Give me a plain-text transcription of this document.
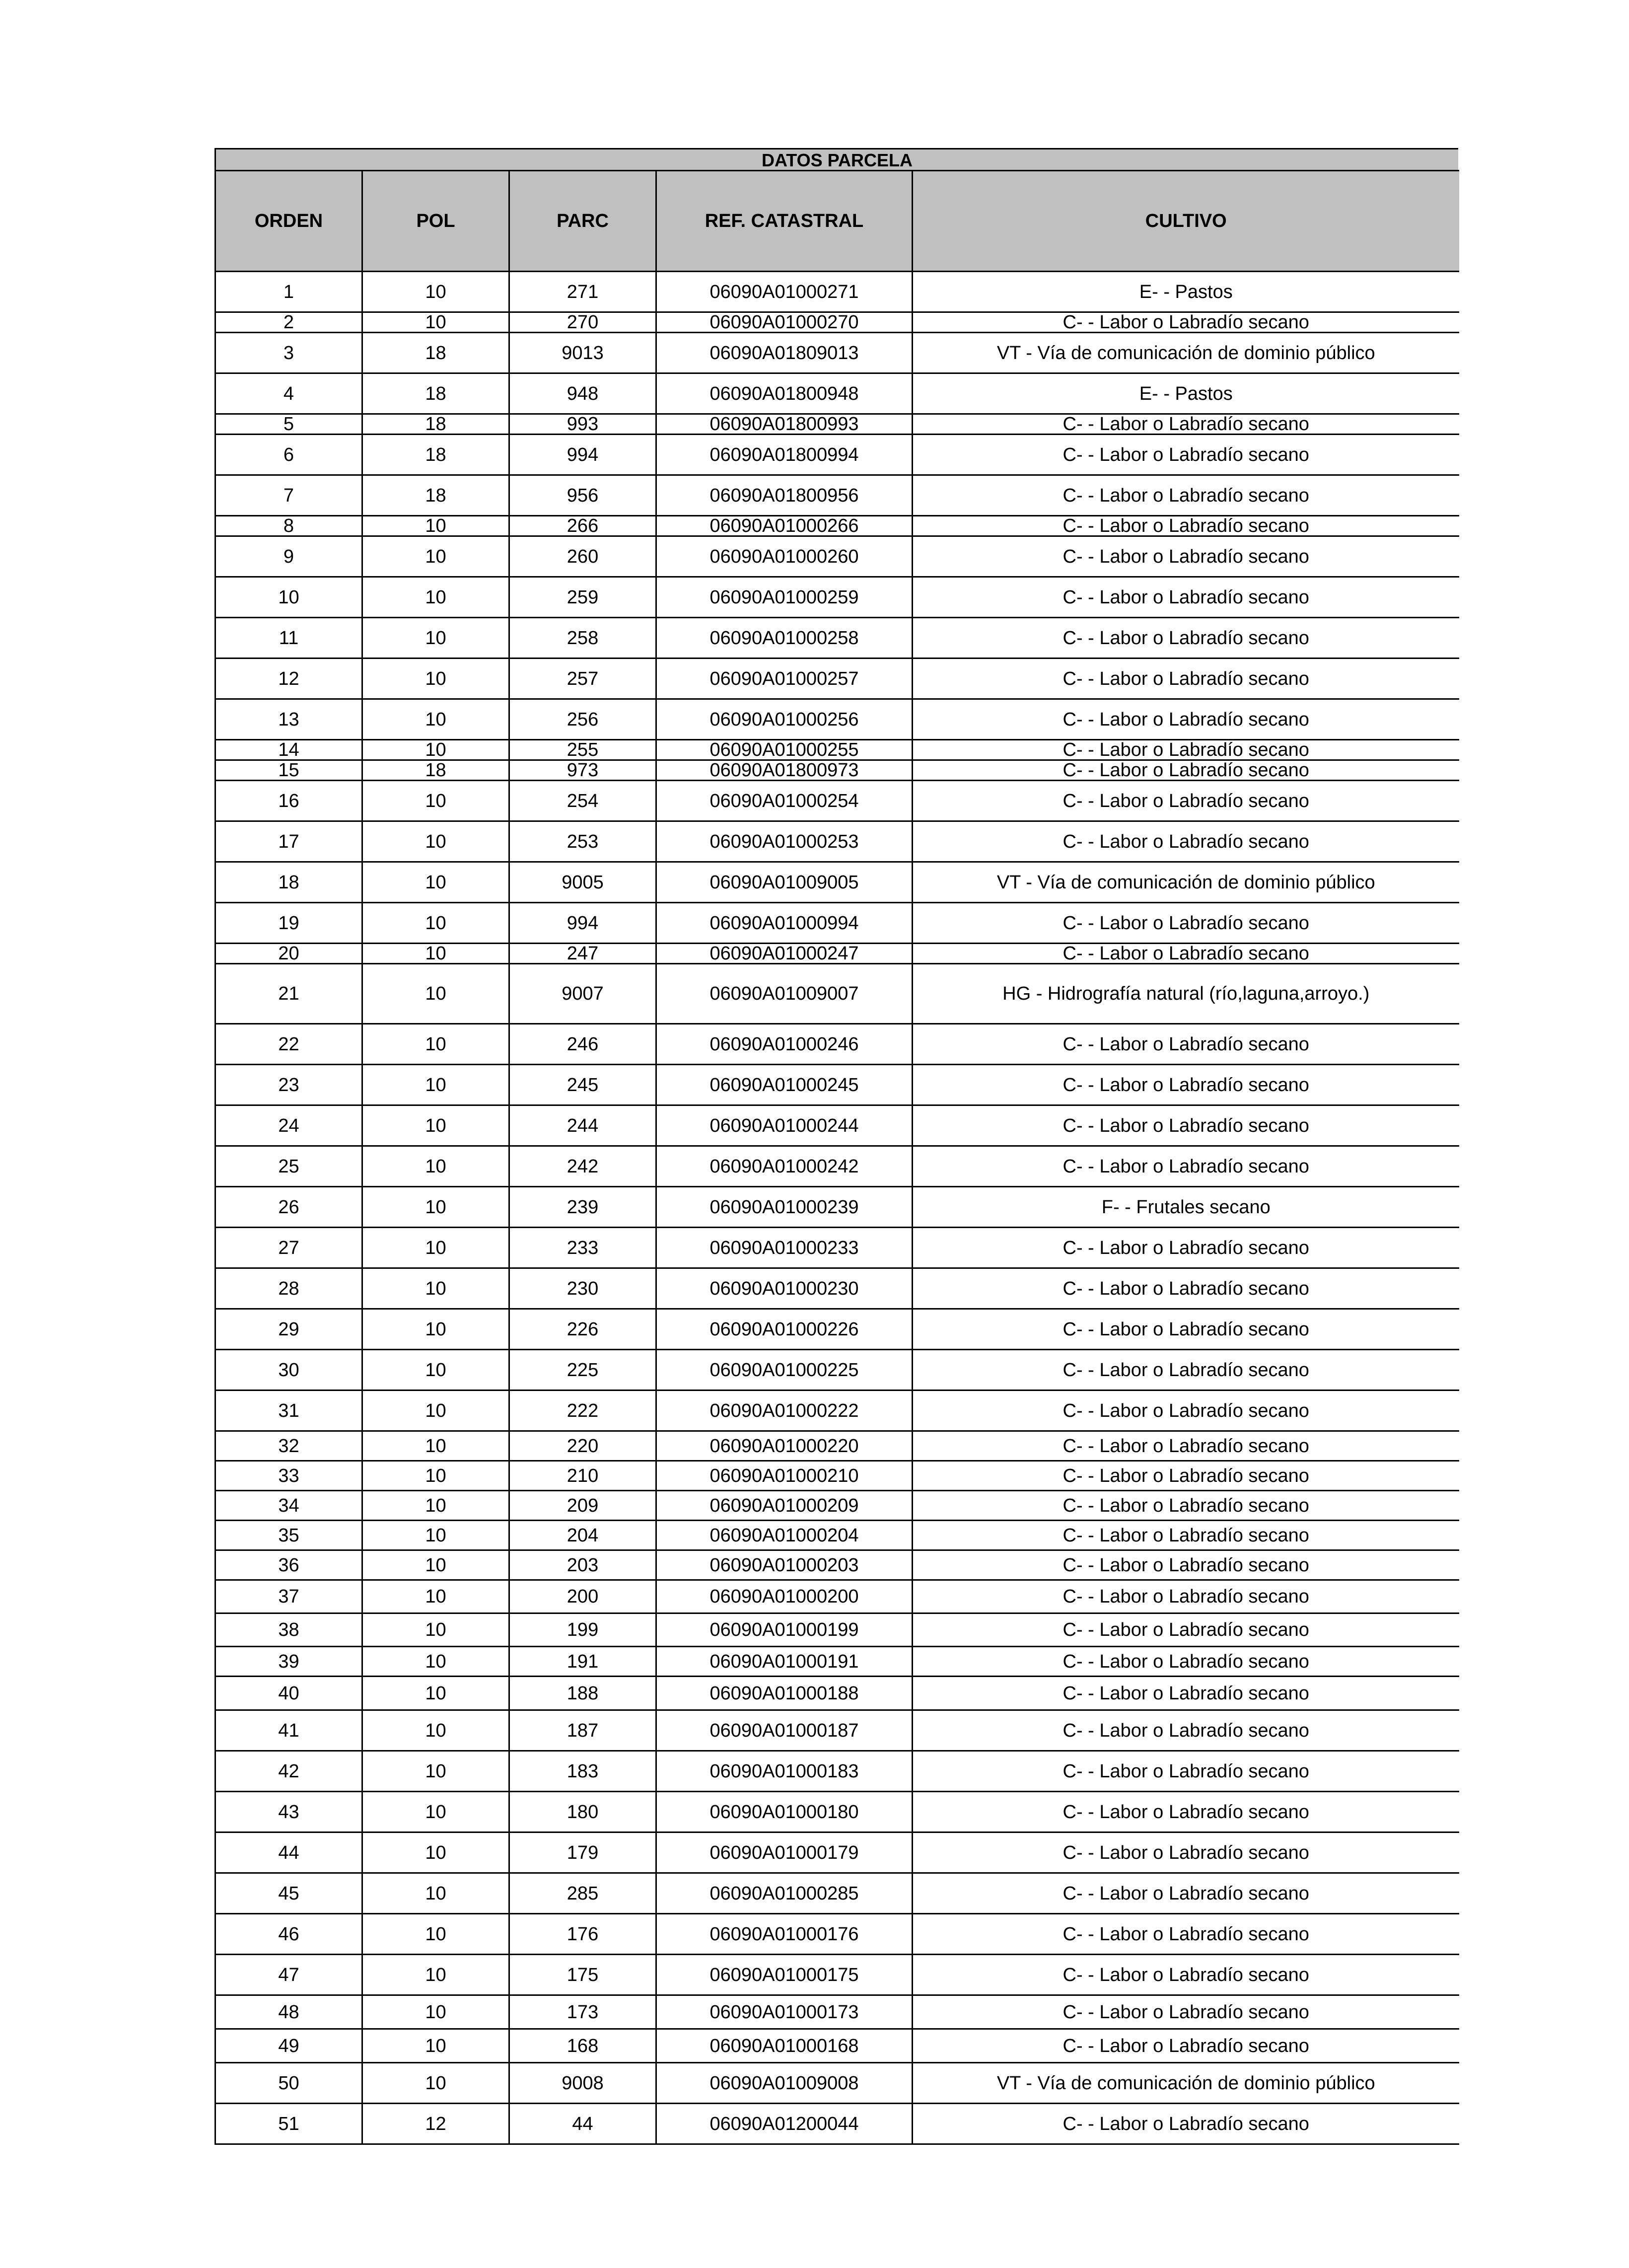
DATOS PARCELA
ORDEN	POL	PARC	REF. CATASTRAL	CULTIVO
1	10	271	06090A01000271	E- - Pastos
2	10	270	06090A01000270	C- - Labor o Labradío secano
3	18	9013	06090A01809013	VT - Vía de comunicación de dominio público
4	18	948	06090A01800948	E- - Pastos
5	18	993	06090A01800993	C- - Labor o Labradío secano
6	18	994	06090A01800994	C- - Labor o Labradío secano
7	18	956	06090A01800956	C- - Labor o Labradío secano
8	10	266	06090A01000266	C- - Labor o Labradío secano
9	10	260	06090A01000260	C- - Labor o Labradío secano
10	10	259	06090A01000259	C- - Labor o Labradío secano
11	10	258	06090A01000258	C- - Labor o Labradío secano
12	10	257	06090A01000257	C- - Labor o Labradío secano
13	10	256	06090A01000256	C- - Labor o Labradío secano
14	10	255	06090A01000255	C- - Labor o Labradío secano
15	18	973	06090A01800973	C- - Labor o Labradío secano
16	10	254	06090A01000254	C- - Labor o Labradío secano
17	10	253	06090A01000253	C- - Labor o Labradío secano
18	10	9005	06090A01009005	VT - Vía de comunicación de dominio público
19	10	994	06090A01000994	C- - Labor o Labradío secano
20	10	247	06090A01000247	C- - Labor o Labradío secano
21	10	9007	06090A01009007	HG - Hidrografía natural (río,laguna,arroyo.)
22	10	246	06090A01000246	C- - Labor o Labradío secano
23	10	245	06090A01000245	C- - Labor o Labradío secano
24	10	244	06090A01000244	C- - Labor o Labradío secano
25	10	242	06090A01000242	C- - Labor o Labradío secano
26	10	239	06090A01000239	F- - Frutales secano
27	10	233	06090A01000233	C- - Labor o Labradío secano
28	10	230	06090A01000230	C- - Labor o Labradío secano
29	10	226	06090A01000226	C- - Labor o Labradío secano
30	10	225	06090A01000225	C- - Labor o Labradío secano
31	10	222	06090A01000222	C- - Labor o Labradío secano
32	10	220	06090A01000220	C- - Labor o Labradío secano
33	10	210	06090A01000210	C- - Labor o Labradío secano
34	10	209	06090A01000209	C- - Labor o Labradío secano
35	10	204	06090A01000204	C- - Labor o Labradío secano
36	10	203	06090A01000203	C- - Labor o Labradío secano
37	10	200	06090A01000200	C- - Labor o Labradío secano
38	10	199	06090A01000199	C- - Labor o Labradío secano
39	10	191	06090A01000191	C- - Labor o Labradío secano
40	10	188	06090A01000188	C- - Labor o Labradío secano
41	10	187	06090A01000187	C- - Labor o Labradío secano
42	10	183	06090A01000183	C- - Labor o Labradío secano
43	10	180	06090A01000180	C- - Labor o Labradío secano
44	10	179	06090A01000179	C- - Labor o Labradío secano
45	10	285	06090A01000285	C- - Labor o Labradío secano
46	10	176	06090A01000176	C- - Labor o Labradío secano
47	10	175	06090A01000175	C- - Labor o Labradío secano
48	10	173	06090A01000173	C- - Labor o Labradío secano
49	10	168	06090A01000168	C- - Labor o Labradío secano
50	10	9008	06090A01009008	VT - Vía de comunicación de dominio público
51	12	44	06090A01200044	C- - Labor o Labradío secano
